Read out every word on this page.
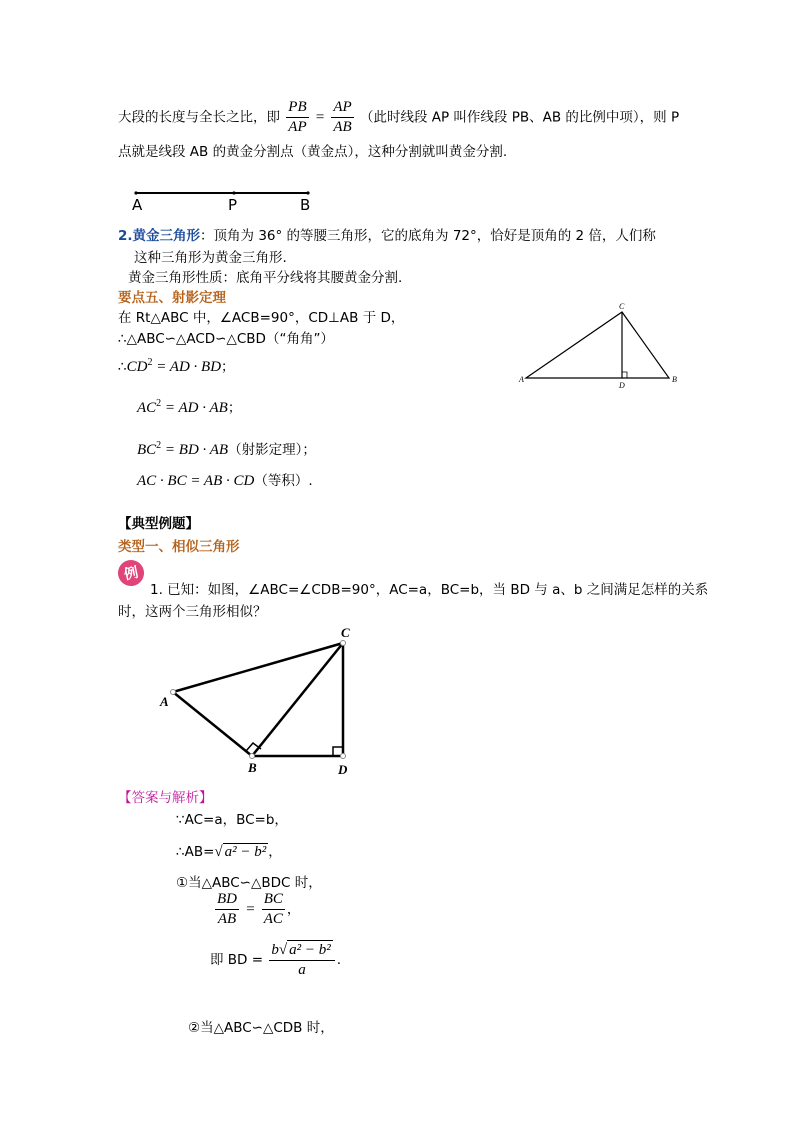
大段的长度与全长之比，即 $\frac{PB}{AP} = \frac{AP}{AB}$ （此时线段 AP 叫作线段 PB、AB 的比例中项），则 P
点就是线段 AB 的黄金分割点（黄金点），这种分割就叫黄金分割.
A	P	B
2.黄金三角形：顶角为 36° 的等腰三角形，它的底角为 72°，恰好是顶角的 2 倍，人们称
这种三角形为黄金三角形.
黄金三角形性质：底角平分线将其腰黄金分割.
要点五、射影定理
在 Rt△ABC 中，∠ACB=90°，CD⊥AB 于 D，
∴△ABC∽△ACD∽△CBD（“角角”）
$\therefore CD^2$ = AD · BD；
$AC^2$ = AD · AB；
$BC^2$ = BD · AB（射影定理）；
AC · BC = AB · CD（等积）.
C
A
D
B
【典型例题】
类型一、相似三角形
例
1. 已知：如图，∠ABC=∠CDB=90°，AC=a，BC=b，当 BD 与 a、b 之间满足怎样的关系
时，这两个三角形相似？
C
A
B	D
【答案与解析】
∵AC=a，BC=b，
∴AB=√ a² − b² ，
①当△ABC∽△BDC 时，
$\frac{BD}{AB} = \frac{BC}{AC}$ ，
即 BD = $\frac{\text{b√ a² − b²}}{a}$ .
②当△ABC∽△CDB 时，
